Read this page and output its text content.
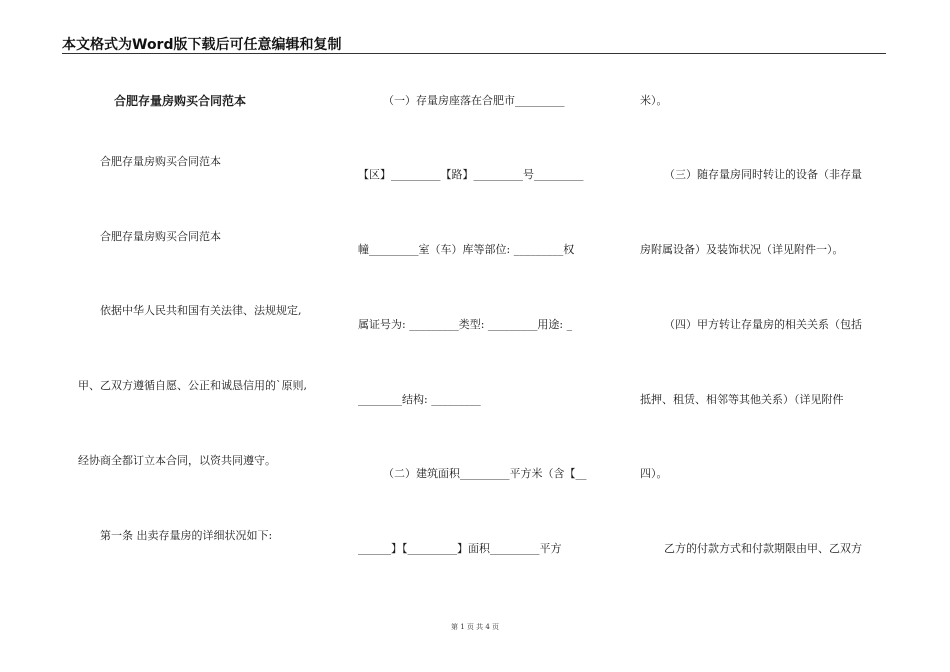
本文格式为Word版下载后可任意编辑和复制
合肥存量房购买合同范本
合肥存量房购买合同范本
合肥存量房购买合同范本
依据中华人民共和国有关法律、法规规定,
甲、乙双方遵循自愿、公正和诚恳信用的`原则,
经协商全都订立本合同，以资共同遵守。
第一条 出卖存量房的详细状况如下:
（一）存量房座落在合肥市_________
【区】_________【路】_________号_________
幢_________室（车）库等部位: _________权
属证号为: _________类型: _________用途: _
________结构: _________
（二）建筑面积_________平方米（含【__
______】【_________】面积_________平方
米）。
（三）随存量房同时转让的设备（非存量
房附属设备）及装饰状况（详见附件一）。
（四）甲方转让存量房的相关关系（包括
抵押、租赁、相邻等其他关系）（详见附件
四）。
乙方的付款方式和付款期限由甲、乙双方
第 1 页 共 4 页
